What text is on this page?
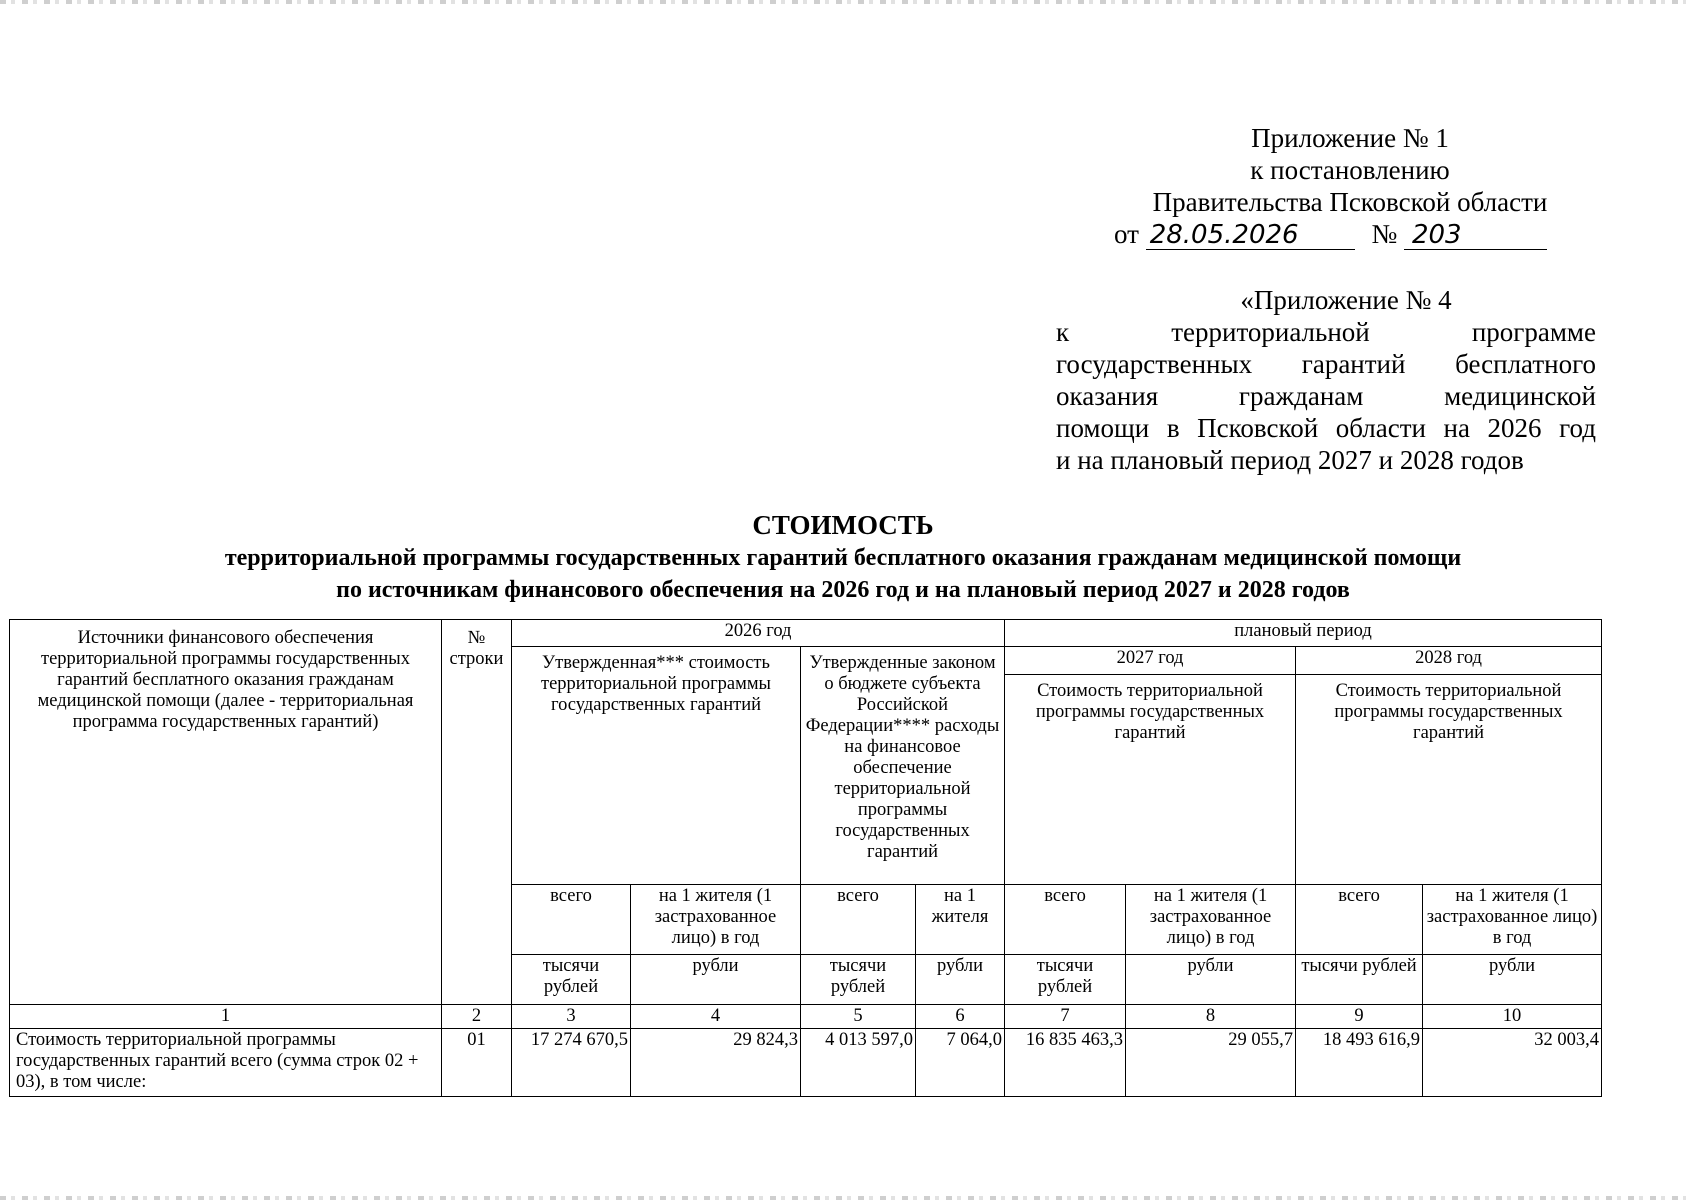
Приложение № 1
к постановлению
Правительства Псковской области
от 28.05.2026	№ 203
«Приложение № 4
к территориальной программе
государственных гарантий бесплатного
оказания гражданам медицинской
помощи в Псковской области на 2026 год
и на плановый период 2027 и 2028 годов
СТОИМОСТЬ
территориальной программы государственных гарантий бесплатного оказания гражданам медицинской помощи
по источникам финансового обеспечения на 2026 год и на плановый период 2027 и 2028 годов
Источники финансового обеспечения территориальной программы государственных гарантий бесплатного оказания гражданам медицинской помощи (далее - территориальная программа государственных гарантий)	№ строки	2026 год				плановый период			
		Утвержденная*** стоимость территориальной программы государственных гарантий		Утвержденные законом о бюджете субъекта Российской Федерации**** расходы на финансовое обеспечение территориальной программы государственных гарантий		2027 год		2028 год	
						Стоимость территориальной программы государственных гарантий		Стоимость территориальной программы государственных гарантий	
		всего	на 1 жителя (1 застрахованное лицо) в год	всего	на 1 жителя	всего	на 1 жителя (1 застрахованное лицо) в год	всего	на 1 жителя (1 застрахованное лицо) в год
		тысячи рублей	рубли	тысячи рублей	рубли	тысячи рублей	рубли	тысячи рублей	рубли
1	2	3	4	5	6	7	8	9	10
Стоимость территориальной программы государственных гарантий всего (сумма строк 02 + 03), в том числе:	01	17 274 670,5	29 824,3	4 013 597,0	7 064,0	16 835 463,3	29 055,7	18 493 616,9	32 003,4
